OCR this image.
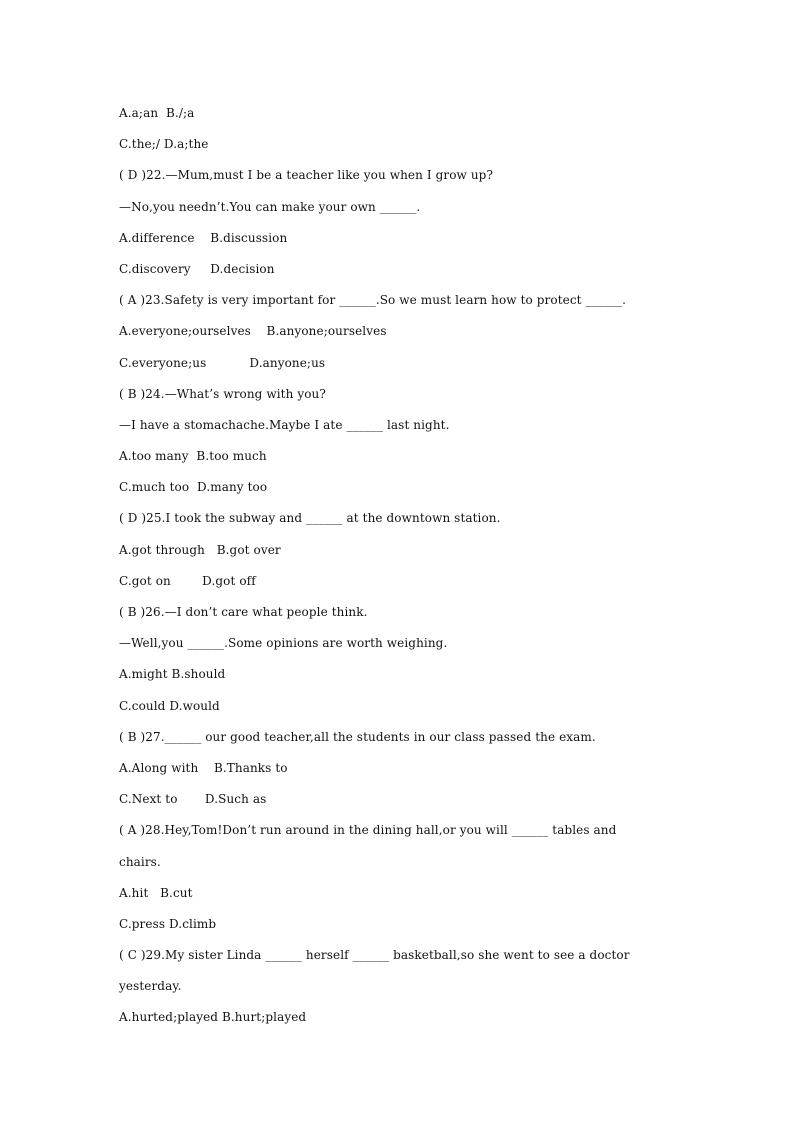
A.a;an  B./;a
C.the;/ D.a;the
( D )22.—Mum,must I be a teacher like you when I grow up?
—No,you needn’t.You can make your own ______.
A.difference    B.discussion
C.discovery     D.decision
( A )23.Safety is very important for ______.So we must learn how to protect ______.
A.everyone;ourselves    B.anyone;ourselves
C.everyone;us           D.anyone;us
( B )24.—What’s wrong with you?
—I have a stomachache.Maybe I ate ______ last night.
A.too many  B.too much
C.much too  D.many too
( D )25.I took the subway and ______ at the downtown station.
A.got through   B.got over
C.got on        D.got off
( B )26.—I don’t care what people think.
—Well,you ______.Some opinions are worth weighing.
A.might B.should
C.could D.would
( B )27.______ our good teacher,all the students in our class passed the exam.
A.Along with    B.Thanks to
C.Next to       D.Such as
( A )28.Hey,Tom!Don’t run around in the dining hall,or you will ______ tables and
chairs.
A.hit   B.cut
C.press D.climb
( C )29.My sister Linda ______ herself ______ basketball,so she went to see a doctor
yesterday.
A.hurted;played B.hurt;played
